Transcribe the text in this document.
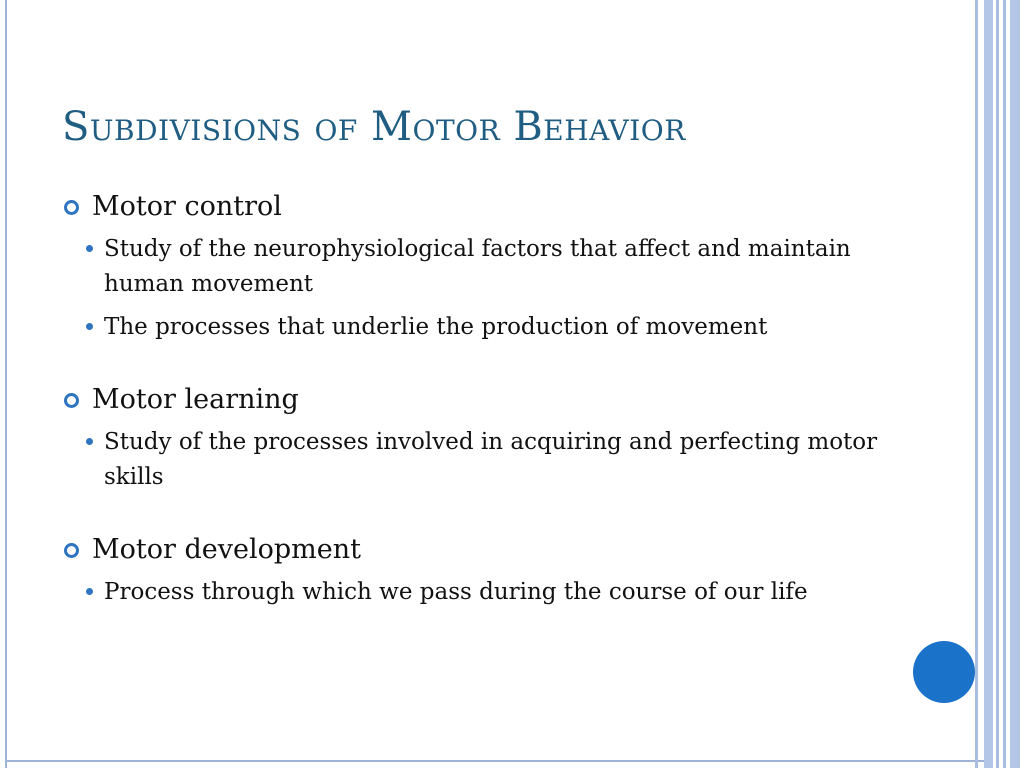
Subdivisions of Motor Behavior

Motor control

Study of the neurophysiological factors that affect and maintain human movement
The processes that underlie the production of movement

Motor learning

Study of the processes involved in acquiring and perfecting motor skills

Motor development

Process through which we pass during the course of our life
